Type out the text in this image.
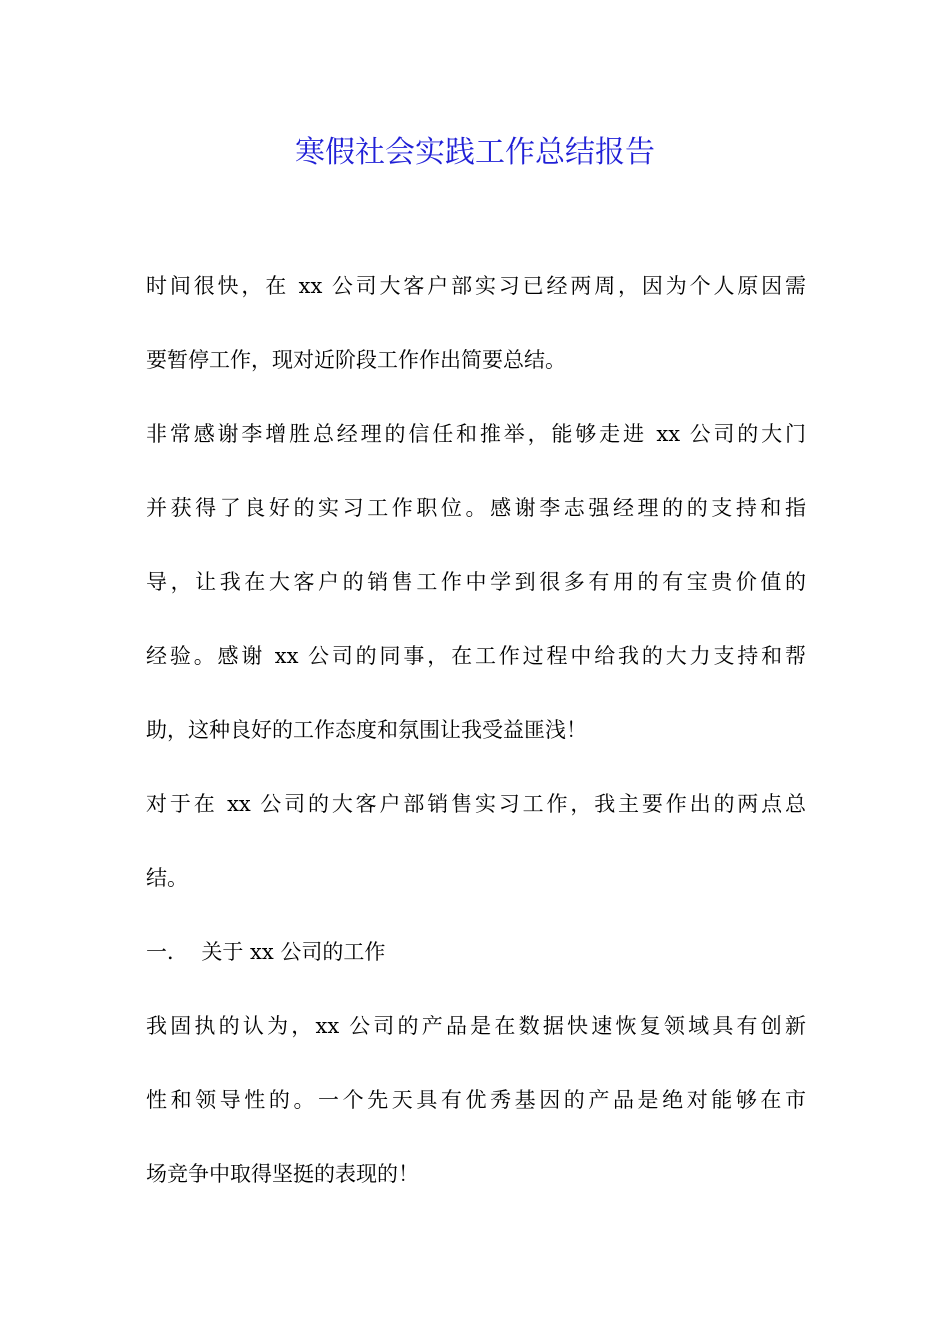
寒假社会实践工作总结报告

时间很快，在 xx 公司大客户部实习已经两周，因为个人原因需
要暂停工作，现对近阶段工作作出简要总结。

非常感谢李增胜总经理的信任和推举，能够走进 xx 公司的大门
并获得了良好的实习工作职位。感谢李志强经理的的支持和指
导，让我在大客户的销售工作中学到很多有用的有宝贵价值的
经验。感谢 xx 公司的同事，在工作过程中给我的大力支持和帮
助，这种良好的工作态度和氛围让我受益匪浅！

对于在 xx 公司的大客户部销售实习工作，我主要作出的两点总
结。

一．  关于 xx 公司的工作

我固执的认为，xx 公司的产品是在数据快速恢复领域具有创新
性和领导性的。一个先天具有优秀基因的产品是绝对能够在市
场竞争中取得坚挺的表现的！
